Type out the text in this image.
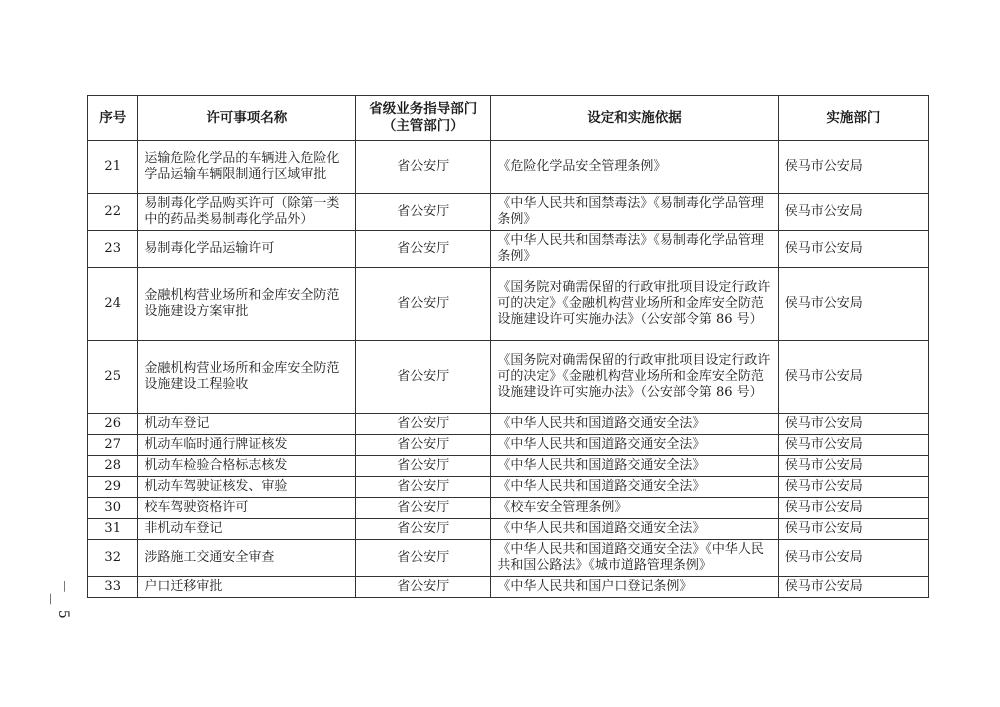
－ 5 －
序号	许可事项名称	省级业务指导部门（主管部门）	设定和实施依据	实施部门
21	运输危险化学品的车辆进入危险化学品运输车辆限制通行区域审批	省公安厅	《危险化学品安全管理条例》	侯马市公安局
22	易制毒化学品购买许可（除第一类中的药品类易制毒化学品外）	省公安厅	《中华人民共和国禁毒法》《易制毒化学品管理条例》	侯马市公安局
23	易制毒化学品运输许可	省公安厅	《中华人民共和国禁毒法》《易制毒化学品管理条例》	侯马市公安局
24	金融机构营业场所和金库安全防范设施建设方案审批	省公安厅	《国务院对确需保留的行政审批项目设定行政许可的决定》《金融机构营业场所和金库安全防范设施建设许可实施办法》（公安部令第 86 号）	侯马市公安局
25	金融机构营业场所和金库安全防范设施建设工程验收	省公安厅	《国务院对确需保留的行政审批项目设定行政许可的决定》《金融机构营业场所和金库安全防范设施建设许可实施办法》（公安部令第 86 号）	侯马市公安局
26	机动车登记	省公安厅	《中华人民共和国道路交通安全法》	侯马市公安局
27	机动车临时通行牌证核发	省公安厅	《中华人民共和国道路交通安全法》	侯马市公安局
28	机动车检验合格标志核发	省公安厅	《中华人民共和国道路交通安全法》	侯马市公安局
29	机动车驾驶证核发、审验	省公安厅	《中华人民共和国道路交通安全法》	侯马市公安局
30	校车驾驶资格许可	省公安厅	《校车安全管理条例》	侯马市公安局
31	非机动车登记	省公安厅	《中华人民共和国道路交通安全法》	侯马市公安局
32	涉路施工交通安全审查	省公安厅	《中华人民共和国道路交通安全法》《中华人民共和国公路法》《城市道路管理条例》	侯马市公安局
33	户口迁移审批	省公安厅	《中华人民共和国户口登记条例》	侯马市公安局
